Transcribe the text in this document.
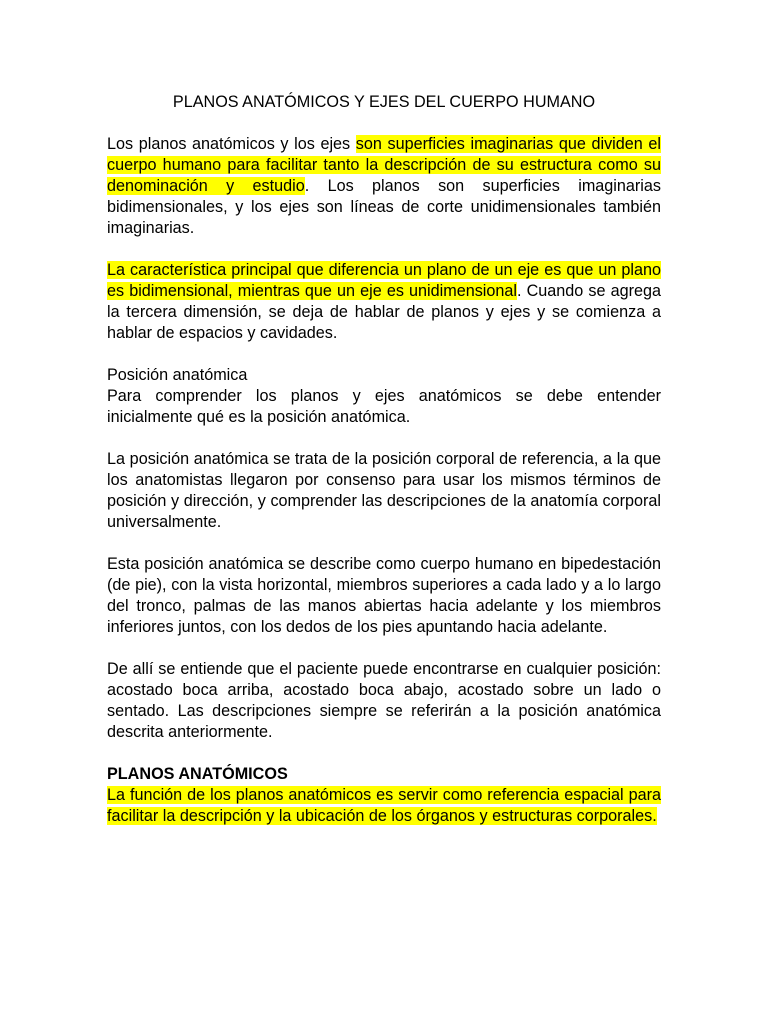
PLANOS ANATÓMICOS Y EJES DEL CUERPO HUMANO

Los planos anatómicos y los ejes son superficies imaginarias que dividen el cuerpo humano para facilitar tanto la descripción de su estructura como su denominación y estudio. Los planos son superficies imaginarias bidimensionales, y los ejes son líneas de corte unidimensionales también imaginarias.

La característica principal que diferencia un plano de un eje es que un plano es bidimensional, mientras que un eje es unidimensional. Cuando se agrega la tercera dimensión, se deja de hablar de planos y ejes y se comienza a hablar de espacios y cavidades.

Posición anatómica

Para comprender los planos y ejes anatómicos se debe entender inicialmente qué es la posición anatómica.

La posición anatómica se trata de la posición corporal de referencia, a la que los anatomistas llegaron por consenso para usar los mismos términos de posición y dirección, y comprender las descripciones de la anatomía corporal universalmente.

Esta posición anatómica se describe como cuerpo humano en bipedestación (de pie), con la vista horizontal, miembros superiores a cada lado y a lo largo del tronco, palmas de las manos abiertas hacia adelante y los miembros inferiores juntos, con los dedos de los pies apuntando hacia adelante.

De allí se entiende que el paciente puede encontrarse en cualquier posición: acostado boca arriba, acostado boca abajo, acostado sobre un lado o sentado. Las descripciones siempre se referirán a la posición anatómica descrita anteriormente.

PLANOS ANATÓMICOS

La función de los planos anatómicos es servir como referencia espacial para facilitar la descripción y la ubicación de los órganos y estructuras corporales.
